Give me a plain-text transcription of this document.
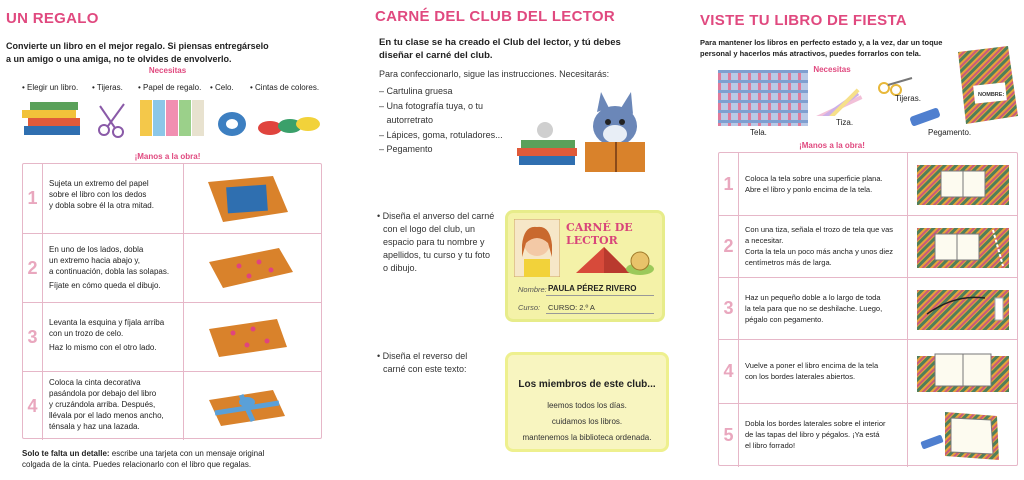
UN REGALO
Convierte un libro en el mejor regalo. Si piensas entregárselo
a un amigo o una amiga, no te olvides de envolverlo.
Necesitas
• Elegir un libro. • Tijeras. • Papel de regalo. • Celo. • Cintas de colores.
¡Manos a la obra!
1
Sujeta un extremo del papel
sobre el libro con los dedos
y dobla sobre él la otra mitad.
2
En uno de los lados, dobla
un extremo hacia abajo y,
a continuación, dobla las solapas.
Fíjate en cómo queda el dibujo.
3
Levanta la esquina y fíjala arriba
con un trozo de celo.
Haz lo mismo con el otro lado.
4
Coloca la cinta decorativa
pasándola por debajo del libro
y cruzándola arriba. Después,
llévala por el lado menos ancho,
ténsala y haz una lazada.
Solo te falta un detalle: escribe una tarjeta con un mensaje original
colgada de la cinta. Puedes relacionarlo con el libro que regalas.
CARNÉ DEL CLUB DEL LECTOR
En tu clase se ha creado el Club del lector, y tú debes
diseñar el carné del club.
Para confeccionarlo, sigue las instrucciones. Necesitarás:
– Cartulina gruesa
– Una fotografía tuya, o tu
autorretrato
– Lápices, goma, rotuladores...
– Pegamento
• Diseña el anverso del carné
con el logo del club, un
espacio para tu nombre y
apellidos, tu curso y tu foto
o dibujo.
CARNÉ DE LECTOR
Nombre: PAULA PÉREZ RIVERO
Curso: CURSO: 2.º A
• Diseña el reverso del
carné con este texto:
Los miembros de este club...
leemos todos los días.
cuidamos los libros.
mantenemos la biblioteca ordenada.
VISTE TU LIBRO DE FIESTA
Para mantener los libros en perfecto estado y, a la vez, dar un toque
personal y hacerlos más atractivos, puedes forrarlos con tela.
Necesitas
Tela.
Tiza.
Tijeras.
Pegamento.
NOMBRE:
¡Manos a la obra!
1	Coloca la tela sobre una superficie plana.
Abre el libro y ponlo encima de la tela.
2
Con una tiza, señala el trozo de tela que vas
a necesitar.
Corta la tela un poco más ancha y unos diez
centímetros más de larga.
3
Haz un pequeño doble a lo largo de toda
la tela para que no se deshilache. Luego,
pégalo con pegamento.
4	Vuelve a poner el libro encima de la tela
con los bordes laterales abiertos.
5
Dobla los bordes laterales sobre el interior
de las tapas del libro y pégalos. ¡Ya está
el libro forrado!
